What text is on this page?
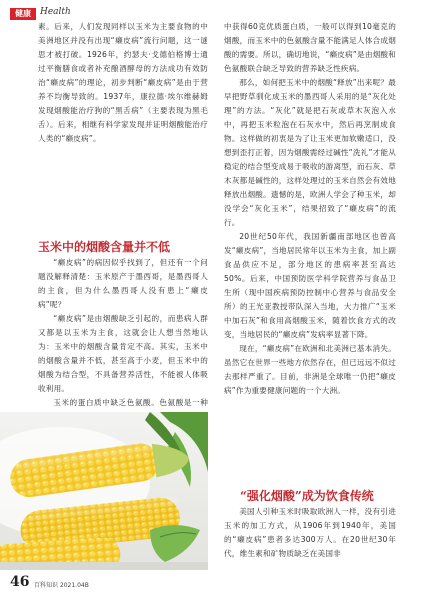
健康	Health

素。后来，人们发现同样以玉米为主要食物的中美洲地区并没有出现“癞皮病”流行问题，这一谜思才被打破。1926年，约瑟夫·戈德伯格博士通过平衡膳食或者补充酿酒酵母的方法成功有效防治“癞皮病”的理论，初步判断“癞皮病”是由于营养不均衡导致的。1937年，康拉德·埃尔维赫姆发现烟酸能治疗狗的“黑舌病”（主要表现为黑毛舌）。后来，相继有科学家发现并证明烟酸能治疗人类的“癞皮病”。

玉米中的烟酸含量并不低

“癞皮病”的病因似乎找到了，但还有一个问题没解释清楚：玉米原产于墨西哥，是墨西哥人的主食，但为什么墨西哥人没有患上“癞皮病”呢？

“癞皮病”是由烟酸缺乏引起的，而患病人群又都是以玉米为主食，这就会让人想当然地认为：玉米中的烟酸含量肯定不高。其实，玉米中的烟酸含量并不低，甚至高于小麦，但玉米中的烟酸为结合型，不具备营养活性，不能被人体吸收利用。

玉米的蛋白质中缺乏色氨酸。色氨酸是一种

中获得60克优质蛋白质，一般可以得到10毫克的烟酸，而玉米中的色氨酸含量不能满足人体合成烟酸的需要。所以，确切地说，“癞皮病”是由烟酸和色氨酸联合缺乏导致的营养缺乏性疾病。

那么，如何把玉米中的烟酸“释放”出来呢？最早把野草驯化成玉米的墨西哥人采用的是“灰化处理”的方法。“灰化”就是把石灰或草木灰泡入水中，再把玉米粒泡在石灰水中，然后再烹制成食物。这样做的初衷是为了让玉米更加软嫩适口，没想到歪打正着，因为烟酸需经过碱性“洗礼”才能从稳定的结合型变成易于吸收的游离型，而石灰、草木灰都是碱性的，这样处理过的玉米自然会有效地释放出烟酸。遗憾的是，欧洲人学会了种玉米，却没学会“灰化玉米”，结果招致了“癞皮病”的流行。

20世纪50年代，我国新疆南部地区也曾高发“癞皮病”，当地居民常年以玉米为主食，加上副食品供应不足，部分地区的患病率甚至高达50%。后来，中国预防医学科学院营养与食品卫生所（现中国疾病预防控制中心营养与食品安全所）的王光亚教授带队深入当地，大力推广“玉米中加石灰”和食用高烟酸玉米，随着饮食方式的改变，当地居民的“癞皮病”发病率显著下降。

现在，“癞皮病”在欧洲和北美洲已基本消失。虽然它在世界一些地方依然存在，但已远远不似过去那样严重了。目前，非洲是全球唯一仍把“癞皮病”作为重要健康问题的一个大洲。

“强化烟酸”成为饮食传统

美国人引种玉米时吸取欧洲人一样，没有引进玉米的加工方式，从1906年到1940年，美国的“癞皮病”患者多达300万人。在20世纪30年代，维生素和矿物质缺乏在美国非

46 百科知识 2021.04B
